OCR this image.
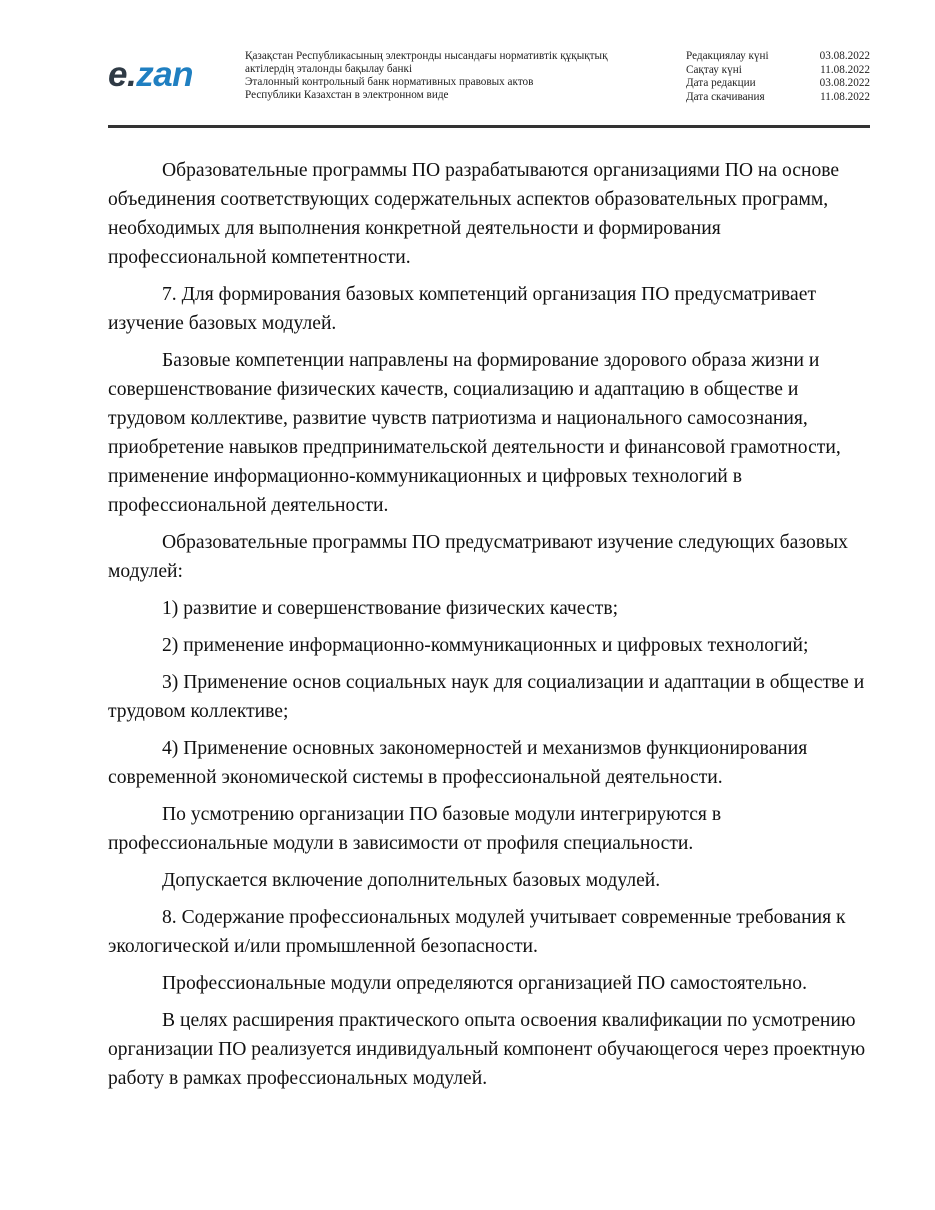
e.zan	Қазақстан Республикасының электронды нысандағы нормативтік құқықтық
актілердің эталонды бақылау банкі
Эталонный контрольный банк нормативных правовых актов
Республики Казахстан в электронном виде
Редакциялау күні	03.08.2022
Сақтау күні	11.08.2022
Дата редакции	03.08.2022
Дата скачивания	11.08.2022

Образовательные программы ПО разрабатываются организациями ПО на основе объединения соответствующих содержательных аспектов образовательных программ, необходимых для выполнения конкретной деятельности и формирования профессиональной компетентности.

7. Для формирования базовых компетенций организация ПО предусматривает изучение базовых модулей.

Базовые компетенции направлены на формирование здорового образа жизни и совершенствование физических качеств, социализацию и адаптацию в обществе и трудовом коллективе, развитие чувств патриотизма и национального самосознания, приобретение навыков предпринимательской деятельности и финансовой грамотности, применение информационно-коммуникационных и цифровых технологий в профессиональной деятельности.

Образовательные программы ПО предусматривают изучение следующих базовых модулей:

1) развитие и совершенствование физических качеств;

2) применение информационно-коммуникационных и цифровых технологий;

3) Применение основ социальных наук для социализации и адаптации в обществе и трудовом коллективе;

4) Применение основных закономерностей и механизмов функционирования современной экономической системы в профессиональной деятельности.

По усмотрению организации ПО базовые модули интегрируются в профессиональные модули в зависимости от профиля специальности.

Допускается включение дополнительных базовых модулей.

8. Содержание профессиональных модулей учитывает современные требования к экологической и/или промышленной безопасности.

Профессиональные модули определяются организацией ПО самостоятельно.

В целях расширения практического опыта освоения квалификации по усмотрению организации ПО реализуется индивидуальный компонент обучающегося через проектную работу в рамках профессиональных модулей.
